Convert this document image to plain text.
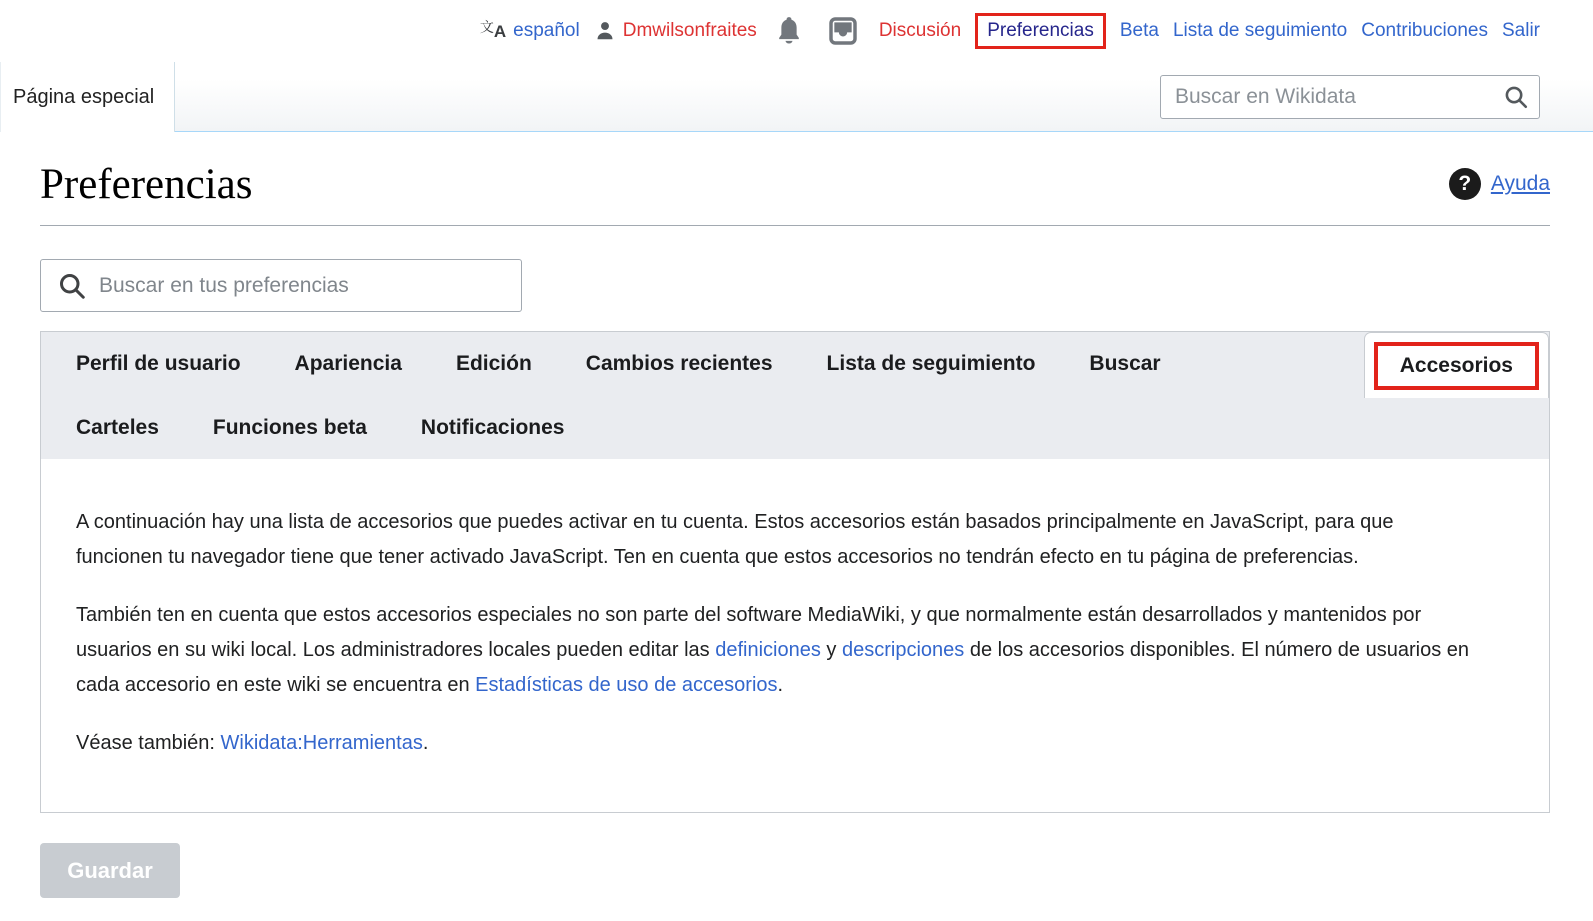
文 A español Dmwilsonfraites	Discusión	Preferencias	Beta Lista de seguimiento Contribuciones Salir
Página especial
Buscar en Wikidata
? Ayuda
Preferencias
Buscar en tus preferencias
Perfil de usuario	Apariencia	Edición	Cambios recientes	Lista de seguimiento	Buscar	Accesorios
Carteles	Funciones beta	Notificaciones

A continuación hay una lista de accesorios que puedes activar en tu cuenta. Estos accesorios están basados principalmente en JavaScript, para que funcionen tu navegador tiene que tener activado JavaScript. Ten en cuenta que estos accesorios no tendrán efecto en tu página de preferencias.

También ten en cuenta que estos accesorios especiales no son parte del software MediaWiki, y que normalmente están desarrollados y mantenidos por usuarios en su wiki local. Los administradores locales pueden editar las definiciones y descripciones de los accesorios disponibles. El número de usuarios en cada accesorio en este wiki se encuentra en Estadísticas de uso de accesorios.

Véase también: Wikidata:Herramientas.

Guardar
